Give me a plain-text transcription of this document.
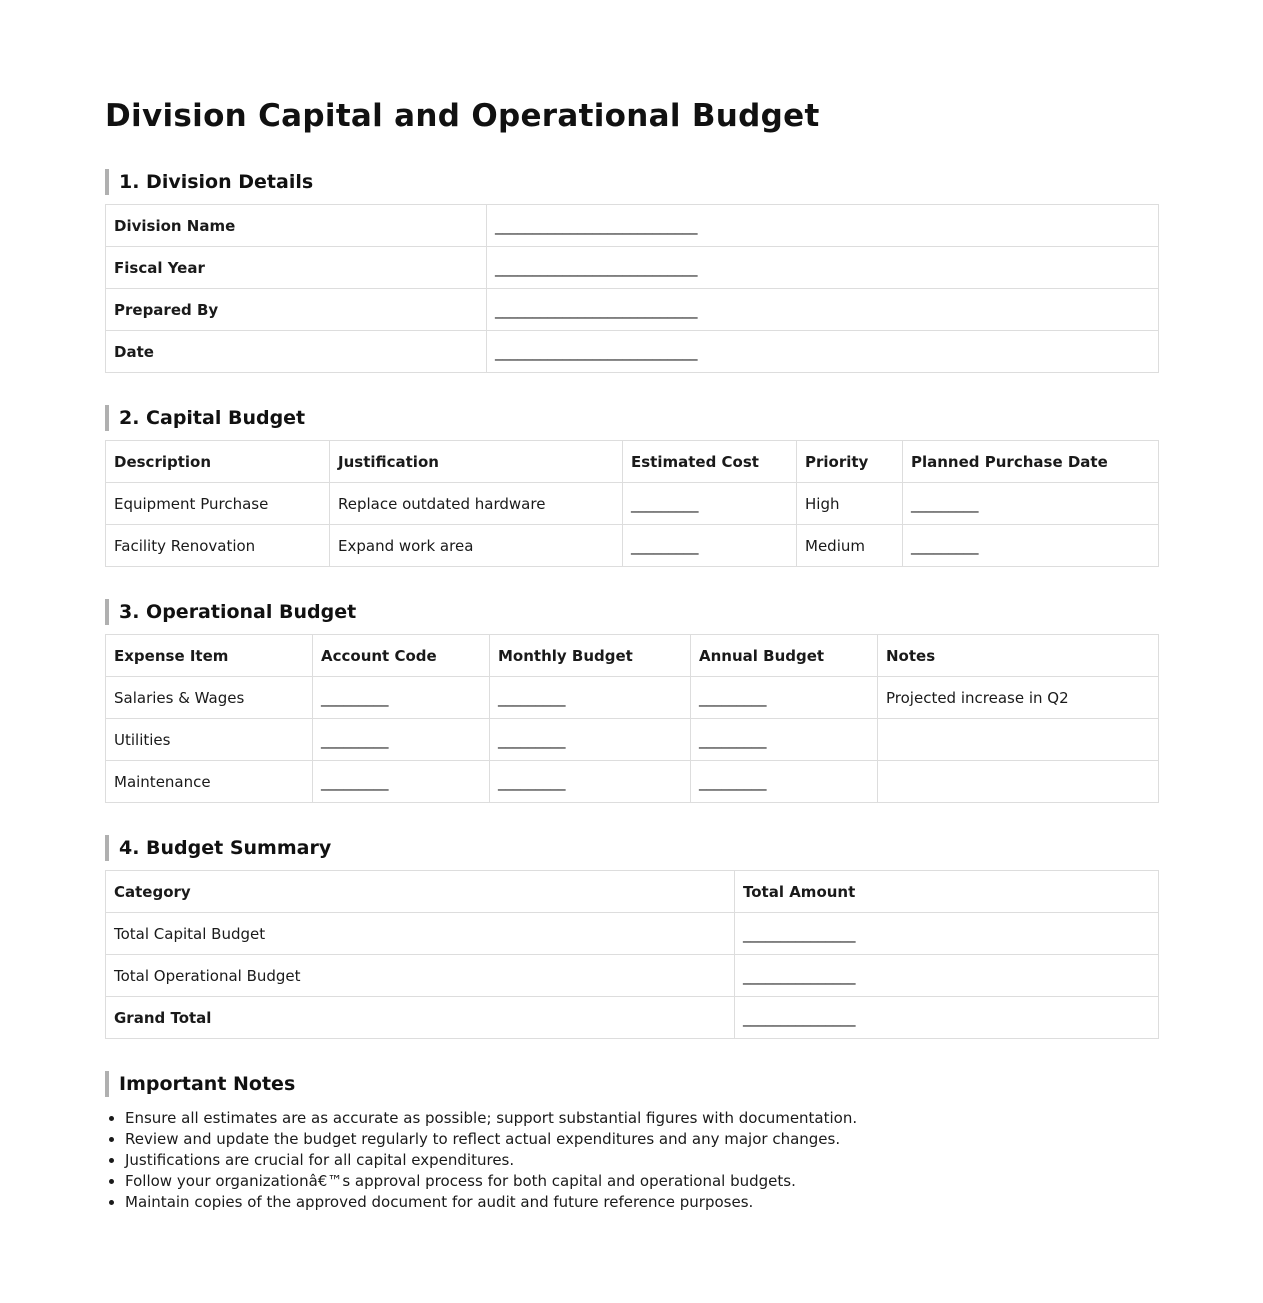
Division Capital and Operational Budget
1. Division Details
Division Name	___________________________
Fiscal Year	___________________________
Prepared By	___________________________
Date	___________________________
2. Capital Budget
Description	Justification	Estimated Cost	Priority	Planned Purchase Date
Equipment Purchase	Replace outdated hardware	_________	High	_________
Facility Renovation	Expand work area	_________	Medium	_________
3. Operational Budget
Expense Item	Account Code	Monthly Budget	Annual Budget	Notes
Salaries & Wages	_________	_________	_________	Projected increase in Q2
Utilities	_________	_________	_________	
Maintenance	_________	_________	_________	
4. Budget Summary
Category	Total Amount
Total Capital Budget	_______________
Total Operational Budget	_______________
Grand Total	_______________
Important Notes
• Ensure all estimates are as accurate as possible; support substantial figures with documentation.
• Review and update the budget regularly to reflect actual expenditures and any major changes.
• Justifications are crucial for all capital expenditures.
• Follow your organizationâ€™s approval process for both capital and operational budgets.
• Maintain copies of the approved document for audit and future reference purposes.
